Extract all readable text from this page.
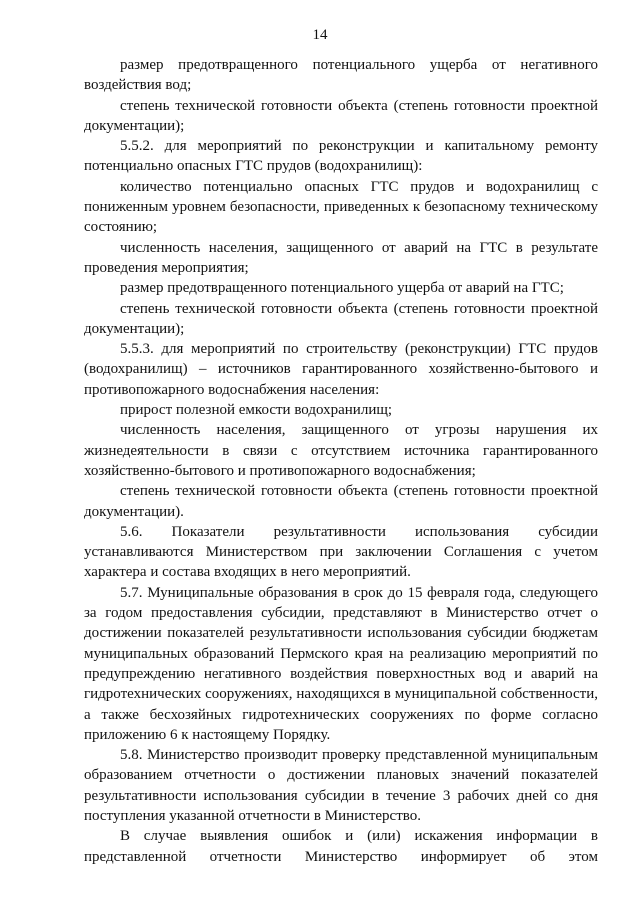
14

размер предотвращенного потенциального ущерба от негативного воздействия вод;

степень технической готовности объекта (степень готовности проектной документации);

5.5.2. для мероприятий по реконструкции и капитальному ремонту потенциально опасных ГТС прудов (водохранилищ):

количество потенциально опасных ГТС прудов и водохранилищ с пониженным уровнем безопасности, приведенных к безопасному техническому состоянию;

численность населения, защищенного от аварий на ГТС в результате проведения мероприятия;

размер предотвращенного потенциального ущерба от аварий на ГТС;

степень технической готовности объекта (степень готовности проектной документации);

5.5.3. для мероприятий по строительству (реконструкции) ГТС прудов (водохранилищ) – источников гарантированного хозяйственно-бытового и противопожарного водоснабжения населения:

прирост полезной емкости водохранилищ;

численность населения, защищенного от угрозы нарушения их жизнедеятельности в связи с отсутствием источника гарантированного хозяйственно-бытового и противопожарного водоснабжения;

степень технической готовности объекта (степень готовности проектной документации).

5.6. Показатели результативности использования субсидии устанавливаются Министерством при заключении Соглашения с учетом характера и состава входящих в него мероприятий.

5.7. Муниципальные образования в срок до 15 февраля года, следующего за годом предоставления субсидии, представляют в Министерство отчет о достижении показателей результативности использования субсидии бюджетам муниципальных образований Пермского края на реализацию мероприятий по предупреждению негативного воздействия поверхностных вод и аварий на гидротехнических сооружениях, находящихся в муниципальной собственности, а также бесхозяйных гидротехнических сооружениях по форме согласно приложению 6 к настоящему Порядку.

5.8. Министерство производит проверку представленной муниципальным образованием отчетности о достижении плановых значений показателей результативности использования субсидии в течение 3 рабочих дней со дня поступления указанной отчетности в Министерство.

В случае выявления ошибок и (или) искажения информации в представленной отчетности Министерство информирует об этом
